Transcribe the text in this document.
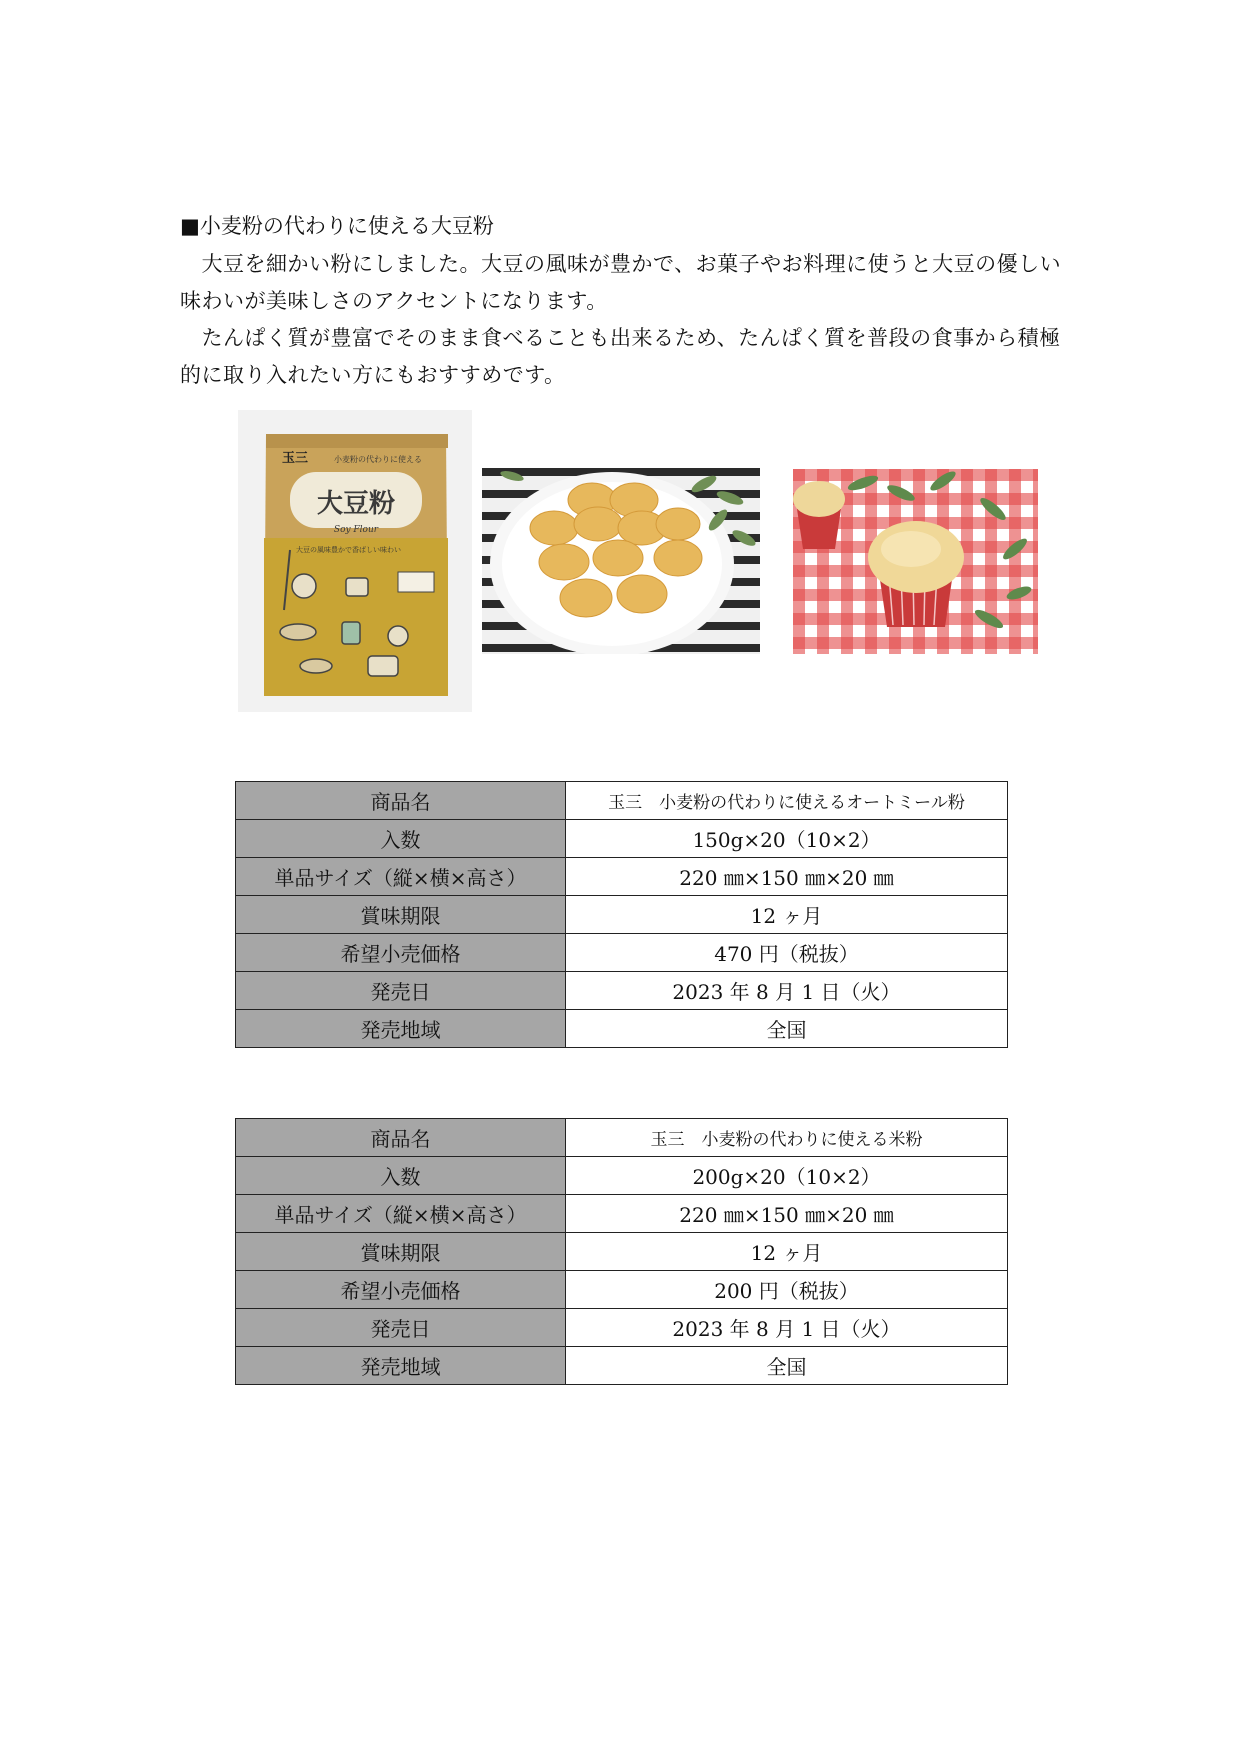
■小麦粉の代わりに使える大豆粉
　大豆を細かい粉にしました。大豆の風味が豊かで、お菓子やお料理に使うと大豆の優しい味わいが美味しさのアクセントになります。
　たんぱく質が豊富でそのまま食べることも出来るため、たんぱく質を普段の食事から積極的に取り入れたい方にもおすすめです。
大豆粉
Soy Flour
玉三	小麦粉の代わりに使える
大豆の風味豊かで香ばしい味わい
商品名	玉三　小麦粉の代わりに使えるオートミール粉
入数	150g×20（10×2）
単品サイズ（縦×横×高さ）	220 ㎜×150 ㎜×20 ㎜
賞味期限	12 ヶ月
希望小売価格	470 円（税抜）
発売日	2023 年 8 月 1 日（火）
発売地域	全国
商品名	玉三　小麦粉の代わりに使える米粉
入数	200g×20（10×2）
単品サイズ（縦×横×高さ）	220 ㎜×150 ㎜×20 ㎜
賞味期限	12 ヶ月
希望小売価格	200 円（税抜）
発売日	2023 年 8 月 1 日（火）
発売地域	全国
